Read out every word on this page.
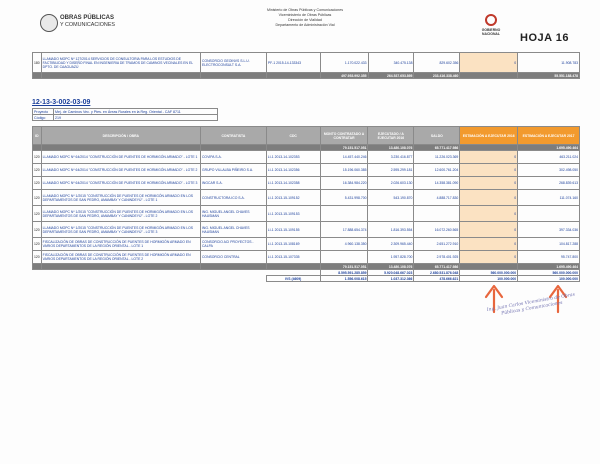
OBRAS PÚBLICAS
Y COMUNICACIONES
Ministerio de Obras Públicas y Comunicaciones
Viceministerio de Obras Públicas
Dirección de Vialidad
Departamento de Administración Vial
GOBIERNO NACIONAL	HOJA 16
180	LLAMADO MOPC Nº 127/2014 SERVICIOS DE CONSULTORIA PARA LOS ESTUDIOS DE FACTIBILIDAD Y DISEÑO FINAL EN INGENIERIA DE TRAMOS DE CAMINOS VECINALES EN EL DPTO. DE CAAGUAZÚ	CONSORCIO GEOINVS S.L.U. ELECTROCONSULT S.A.	PF-1 2015-14-133343	1.170.022.433	340.475.138	829.602.356	0	11.908.783
				497.953.992.355	264.537.653.895	233.416.338.460		55.551.188.478
12-13-3-002-03-09
Proyecto	Mej. de Caminos Vec. y Ptes. en Áreas Rurales en la Reg. Oriental - CAF 8711
Código	219
ID	DESCRIPCIÓN / OBRA	CONTRATISTA	CDC	MONTO CONTRATADO A CONTRATAR	EJECUTADO / A EJECUTAR 2016	SALDO	ESTIMACIÓN A EJECUTAR 2016	ESTIMACIÓN A EJECUTAR 2017
				79.151.517.051	13.480.108.076	65.771.417.986		1.695.490.464
120	LLAMADO MOPC Nº 64/2014 "CONSTRUCCIÓN DE PUENTES DE HORMIGÓN ARMADO" - LOTE 1	COVIPA S.A.	LI-1 2013-14-102353	14.457.440.246	3.230.416.877	11.226.023.369	0	463.211.024
120	LLAMADO MOPC Nº 64/2014 "CONSTRUCCIÓN DE PUENTES DE HORMIGÓN ARMADO" - LOTE 2	GRUPO VILLALBA PIÑEIRO S.A.	LI-1 2013-14-102356	15.196.060.385	2.595.299.181	12.600.761.204	0	302.498.050
120	LLAMADO MOPC Nº 64/2014 "CONSTRUCCIÓN DE PUENTES DE HORMIGÓN ARMADO" - LOTE 3	INGCAR S.A.	LI-1 2013-14-102358	16.384.984.220	2.026.603.130	14.358.381.090	0	268.839.613
120	LLAMADO MOPC Nº 1/2015 "CONSTRUCCIÓN DE PUENTES DE HORMIGÓN ARMADO EN LOS DEPARTAMENTOS DE SAN PEDRO, AMAMBAY Y CANINDEYÚ" - LOTE 1	CONSTRUCTORA ICO S.A.	LI-1 2013-15-109152	5.431.998.700	543.190.870	4.888.717.830	0	111.074.160
120	LLAMADO MOPC Nº 1/2015 "CONSTRUCCIÓN DE PUENTES DE HORMIGÓN ARMADO EN LOS DEPARTAMENTOS DE SAN PEDRO, AMAMBAY Y CANINDEYÚ" - LOTE 2	ING. MIGUEL ANGEL CHAVES HAUSMAN	LI-1 2013-15-109153				0	
120	LLAMADO MOPC Nº 1/2015 "CONSTRUCCIÓN DE PUENTES DE HORMIGÓN ARMADO EN LOS DEPARTAMENTOS DE SAN PEDRO, AMAMBAY Y CANINDEYÚ" - LOTE 3	ING. MIGUEL ANGEL CHAVES HAUSMAN	LI-1 2013-15-109155	17.888.654.374	1.816.393.554	16.072.260.565	0	397.334.036
120	FISCALIZACIÓN DE OBRAS DE CONSTRUCCIÓN DE PUENTES DE HORMIGÓN ARMADO EN VARIOS DEPARTAMENTOS DE LA REGIÓN ORIENTAL - LOTE 1	CONSORCIO ACI PROYECTOS - CALPA	LI-1 2013-15-108169	4.960.138.350	2.309.965.440	2.651.272.910	0	104.817.288
120	FISCALIZACIÓN DE OBRAS DE CONSTRUCCIÓN DE PUENTES DE HORMIGÓN ARMADO EN VARIOS DEPARTAMENTOS DE LA REGIÓN ORIENTAL - LOTE 2	CONSORCIO CENTRAL	LI-1 2013-15-107335		1.957.828.700	2.978.401.925	0	95.747.800
				79.151.517.051	13.480.108.076	65.771.417.986		1.695.490.464
				8.595.591.285.859	5.920.048.667.023	2.680.531.876.048	560.000.000.000	560.000.000.000
			IVS (4609)	1.556.008.615	1.037.312.366	478.666.621	100.000.000	100.000.000
Ing. Juan Carlos Viceministro de Obras Públicas y Comunicaciones
